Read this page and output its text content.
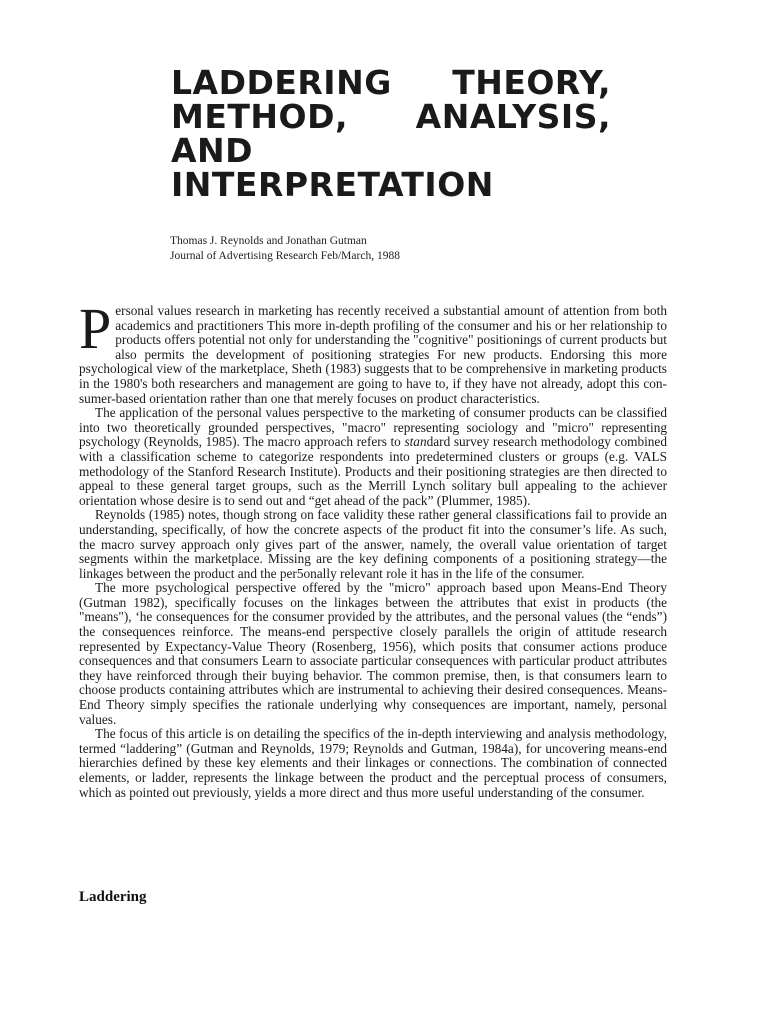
LADDERING THEORY,
METHOD, ANALYSIS,
AND
INTERPRETATION
Thomas J. Reynolds and Jonathan Gutman
Journal of Advertising Research Feb/March, 1988

Personal values research in marketing has recently received a substantial amount of attention from both academics and practitioners This more in-depth profiling of the consumer and his or her relationship to products offers potential not only for understanding the "cognitive" positionings of current products but also permits the development of positioning strategies For new products. Endorsing this more psychological view of the marketplace, Sheth (1983) suggests that to be comprehensive in marketing products in the 1980's both researchers and management are going to have to, if they have not already, adopt this con-sumer-based orientation rather than one that merely focuses on product characteristics.

The application of the personal values perspective to the marketing of consumer products can be classified into two theoretically grounded perspectives, "macro" representing sociology and "micro" representing psychology (Reynolds, 1985). The macro approach refers to standard survey research methodology combined with a classification scheme to categorize respondents into predetermined clusters or groups (e.g. VALS methodology of the Stanford Research Institute). Products and their positioning strategies are then directed to appeal to these general target groups, such as the Merrill Lynch solitary bull appealing to the achiever orientation whose desire is to send out and “get ahead of the pack” (Plummer, 1985).

Reynolds (1985) notes, though strong on face validity these rather general classifications fail to provide an understanding, specifically, of how the concrete aspects of the product fit into the consumer’s life. As such, the macro survey approach only gives part of the answer, namely, the overall value orientation of target segments within the marketplace. Missing are the key defining components of a positioning strategy—the linkages between the product and the per5onally relevant role it has in the life of the consumer.

The more psychological perspective offered by the "micro" approach based upon Means-End Theory (Gutman 1982), specifically focuses on the linkages between the attributes that exist in products (the "means"), ‘he consequences for the consumer provided by the attributes, and the personal values (the “ends”) the consequences reinforce. The means-end perspective closely parallels the origin of attitude research represented by Expectancy-Value Theory (Rosenberg, 1956), which posits that consumer actions produce consequences and that consumers Learn to associate particular consequences with particular product attributes they have reinforced through their buying behavior. The common premise, then, is that consumers learn to choose products containing attributes which are instrumental to achieving their desired consequences. Means-End Theory simply specifies the rationale underlying why consequences are important, namely, personal values.

The focus of this article is on detailing the specifics of the in-depth interviewing and analysis methodology, termed “laddering” (Gutman and Reynolds, 1979; Reynolds and Gutman, 1984a), for uncovering means-end hierarchies defined by these key elements and their linkages or connections. The combination of connected elements, or ladder, represents the linkage between the product and the perceptual process of consumers, which as pointed out previously, yields a more direct and thus more useful understanding of the consumer.

Laddering
